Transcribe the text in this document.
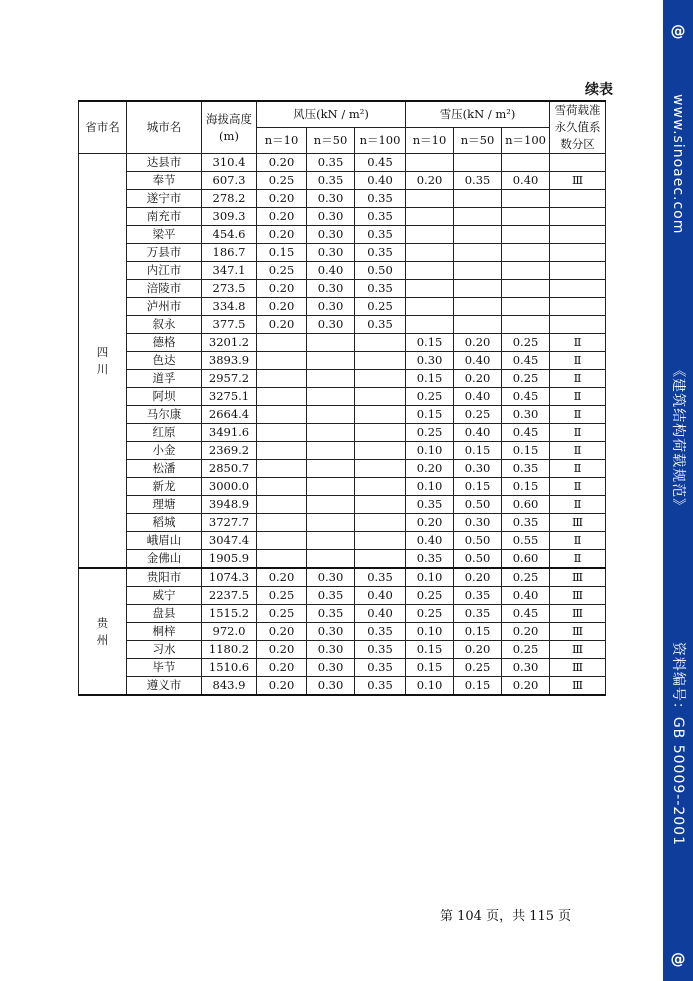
@
www.sinoaec.com
《建筑结构荷载规范》
资料编号：GB 50009--2001
@
续表
省市名	城市名	海拔高度
(m)	风压(kN / m²)			雪压(kN / m²)			雪荷载准
永久值系
数分区

			n＝10	n＝50	n＝100	n＝10	n＝50	n＝100	

四
川	达县市	310.4	0.20	0.35	0.45				
	奉节	607.3	0.25	0.35	0.40	0.20	0.35	0.40	Ⅲ
	遂宁市	278.2	0.20	0.30	0.35				
	南充市	309.3	0.20	0.30	0.35				
	梁平	454.6	0.20	0.30	0.35				
	万县市	186.7	0.15	0.30	0.35				
	内江市	347.1	0.25	0.40	0.50				
	涪陵市	273.5	0.20	0.30	0.35				
	泸州市	334.8	0.20	0.30	0.25				
	叙永	377.5	0.20	0.30	0.35				
	德格	3201.2				0.15	0.20	0.25	Ⅱ
	色达	3893.9				0.30	0.40	0.45	Ⅱ
	道孚	2957.2				0.15	0.20	0.25	Ⅱ
	阿坝	3275.1				0.25	0.40	0.45	Ⅱ
	马尔康	2664.4				0.15	0.25	0.30	Ⅱ
	红原	3491.6				0.25	0.40	0.45	Ⅱ
	小金	2369.2				0.10	0.15	0.15	Ⅱ
	松潘	2850.7				0.20	0.30	0.35	Ⅱ
	新龙	3000.0				0.10	0.15	0.15	Ⅱ
	理塘	3948.9				0.35	0.50	0.60	Ⅱ
	稻城	3727.7				0.20	0.30	0.35	Ⅲ
	峨眉山	3047.4				0.40	0.50	0.55	Ⅱ
	金佛山	1905.9				0.35	0.50	0.60	Ⅱ

贵
州	贵阳市	1074.3	0.20	0.30	0.35	0.10	0.20	0.25	Ⅲ
	威宁	2237.5	0.25	0.35	0.40	0.25	0.35	0.40	Ⅲ
	盘县	1515.2	0.25	0.35	0.40	0.25	0.35	0.45	Ⅲ
	桐梓	972.0	0.20	0.30	0.35	0.10	0.15	0.20	Ⅲ
	习水	1180.2	0.20	0.30	0.35	0.15	0.20	0.25	Ⅲ
	毕节	1510.6	0.20	0.30	0.35	0.15	0.25	0.30	Ⅲ
	遵义市	843.9	0.20	0.30	0.35	0.10	0.15	0.20	Ⅲ
第 104 页，共 115 页
